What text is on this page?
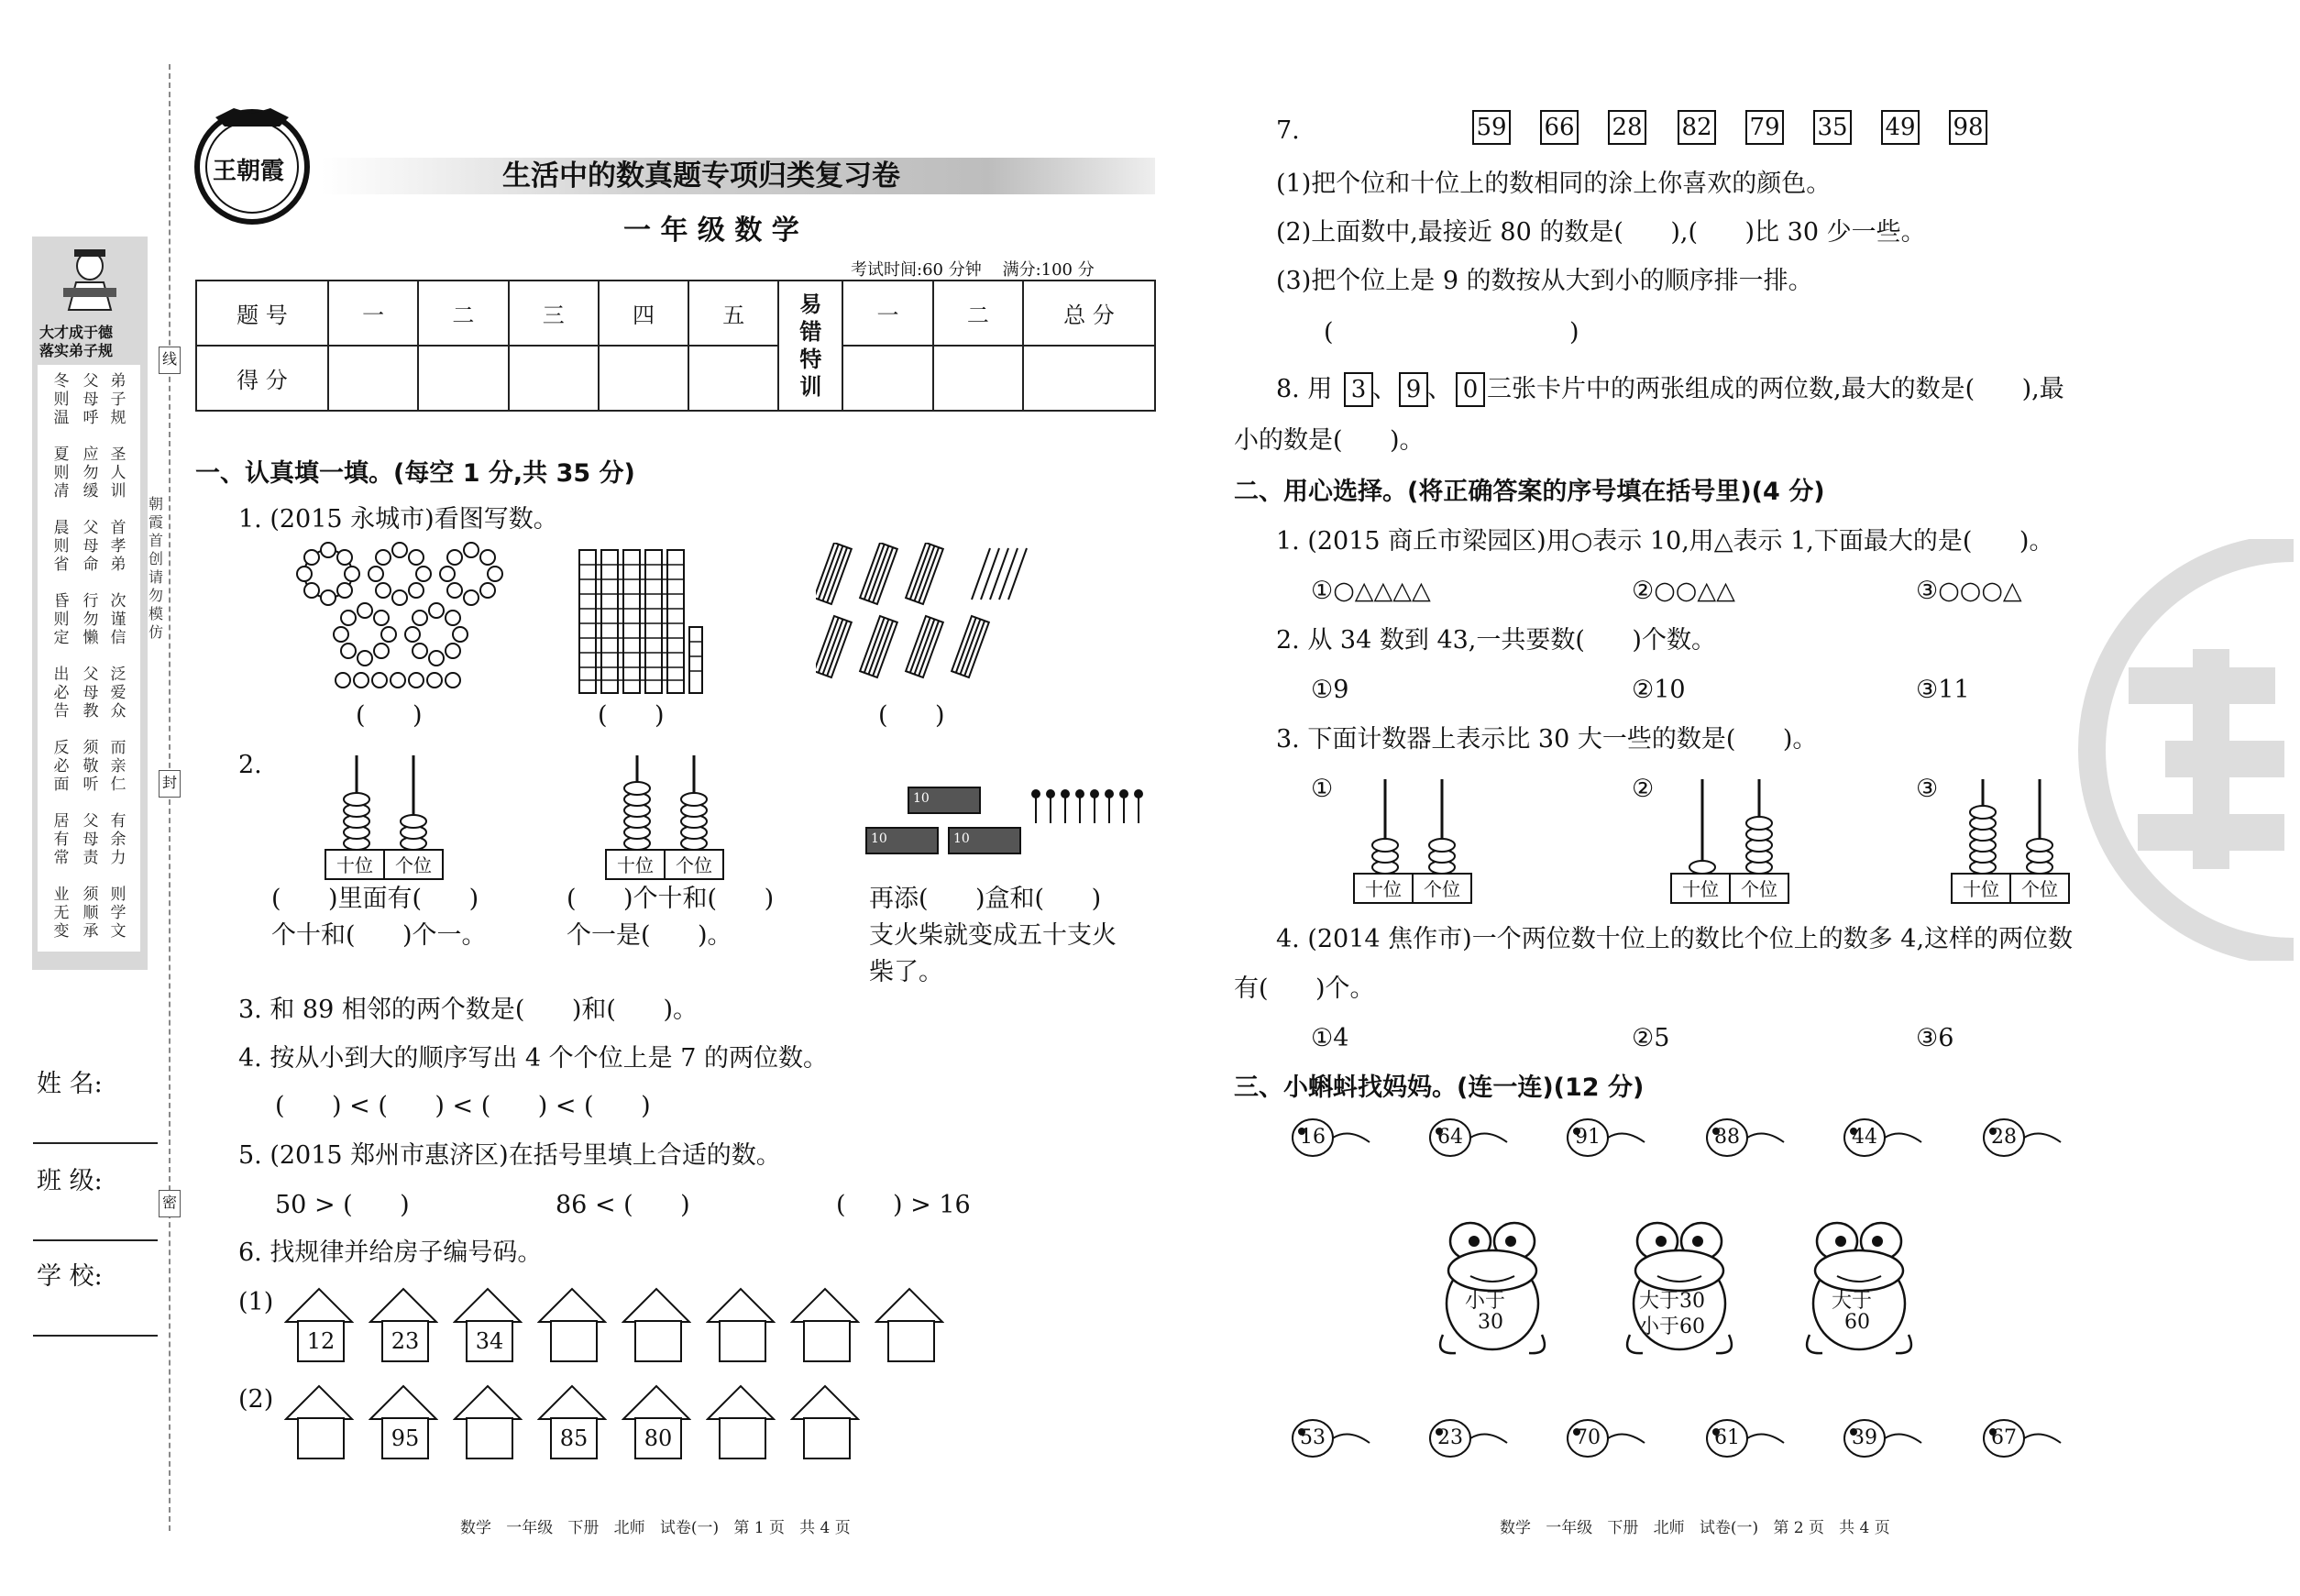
线
封
密
朝霞首创 请勿模仿
大才成于德
落实弟子规
冬则温
父母呼
弟子规
夏则凊
应勿缓
圣人训
晨则省
父母命
首孝弟
昏则定
行勿懒
次谨信
出必告
父母教
泛爱众
反必面
须敬听
而亲仁
居有常
父母责
有余力
业无变
须顺承
则学文
姓 名:
班 级:
学 校:
王朝霞	生活中的数真题专项归类复习卷
一 年 级 数 学
考试时间:60 分钟    满分:100 分
题 号	一	二	三	四	五	易错特训	一	二	总 分
得 分									
一、认真填一填。(每空 1 分,共 35 分)
1. (2015 永城市)看图写数。
(      )	(      )	(      )
2.
十位	个位	十位	个位
10
10	10
(      )里面有(      )
个十和(      )个一。
(      )个十和(      )
个一是(      )。
再添(      )盒和(      )
支火柴就变成五十支火
柴了。
3. 和 89 相邻的两个数是(      )和(      )。
4. 按从小到大的顺序写出 4 个个位上是 7 的两位数。
(      ) < (      ) < (      ) < (      )
5. (2015 郑州市惠济区)在括号里填上合适的数。
50 > (      )	86 < (      )	(      ) > 16
6. 找规律并给房子编号码。
(1)
12	23	34
(2)
95	85	80
7.	59 66 28 82 79 35 49 98
(1)把个位和十位上的数相同的涂上你喜欢的颜色。
(2)上面数中,最接近 80 的数是(      ),(      )比 30 少一些。
(3)把个位上是 9 的数按从大到小的顺序排一排。
(                              )
8. 用 3 、 9 、 0 三张卡片中的两张组成的两位数,最大的数是(      ),最
小的数是(      )。
二、用心选择。(将正确答案的序号填在括号里)(4 分)
1. (2015 商丘市梁园区)用○表示 10,用△表示 1,下面最大的是(      )。
①○△△△△	②○○△△	③○○○△
2. 从 34 数到 43,一共要数(      )个数。
①9	②10	③11
3. 下面计数器上表示比 30 大一些的数是(      )。
①	②	③
十位	个位	十位	个位	十位	个位
4. (2014 焦作市)一个两位数十位上的数比个位上的数多 4,这样的两位数
有(      )个。
①4	②5	③6
三、小蝌蚪找妈妈。(连一连)(12 分)
16	64	91	88	44	28
53	23	70	61	39	67
小于
30
大于30
小于60
大于
60
数学   一年级   下册   北师   试卷(一)   第 1 页   共 4 页	数学   一年级   下册   北师   试卷(一)   第 2 页   共 4 页
